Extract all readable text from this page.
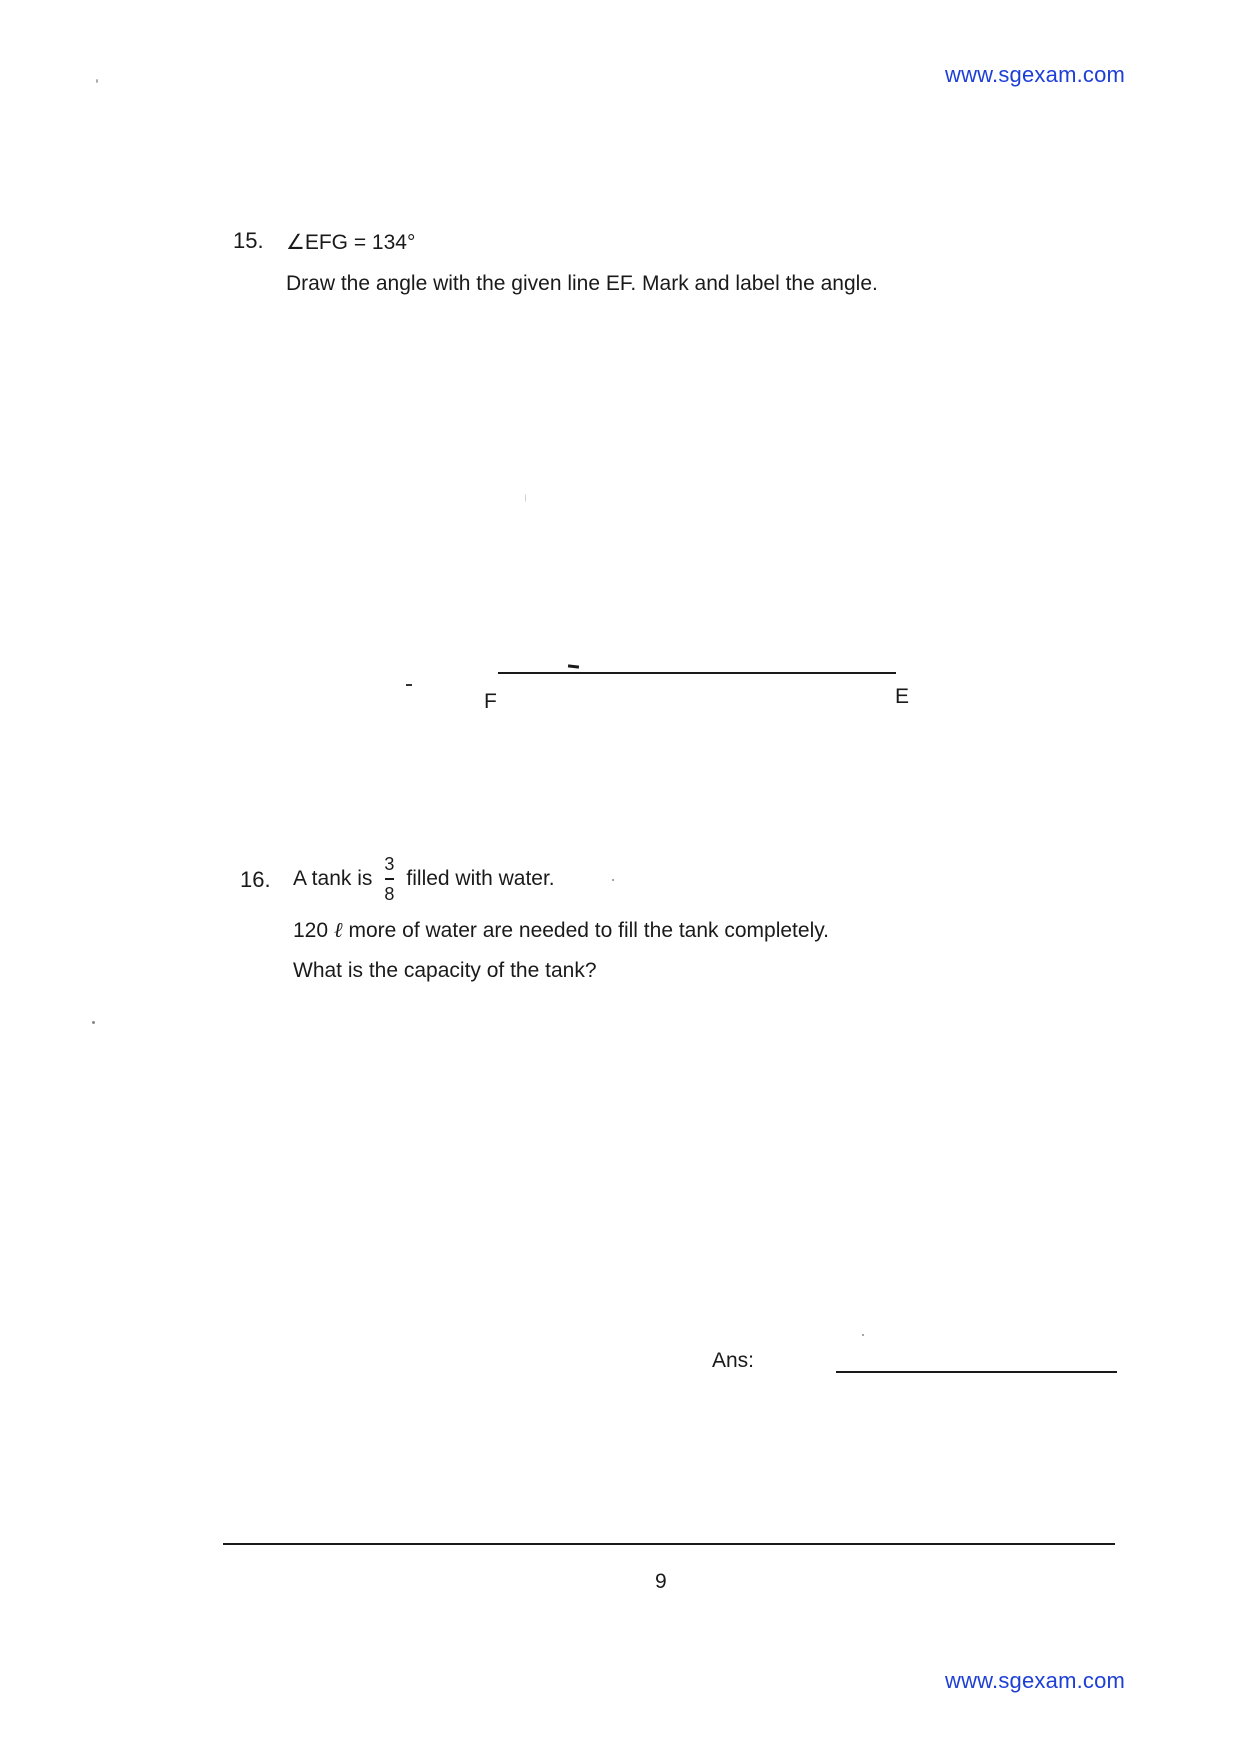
www.sgexam.com
15. ∠EFG = 134°
Draw the angle with the given line EF. Mark and label the angle.
F	E
16. A tank is $\frac{3}{8}$ filled with water.
120 ℓ more of water are needed to fill the tank completely.
What is the capacity of the tank?
Ans:
9
www.sgexam.com
